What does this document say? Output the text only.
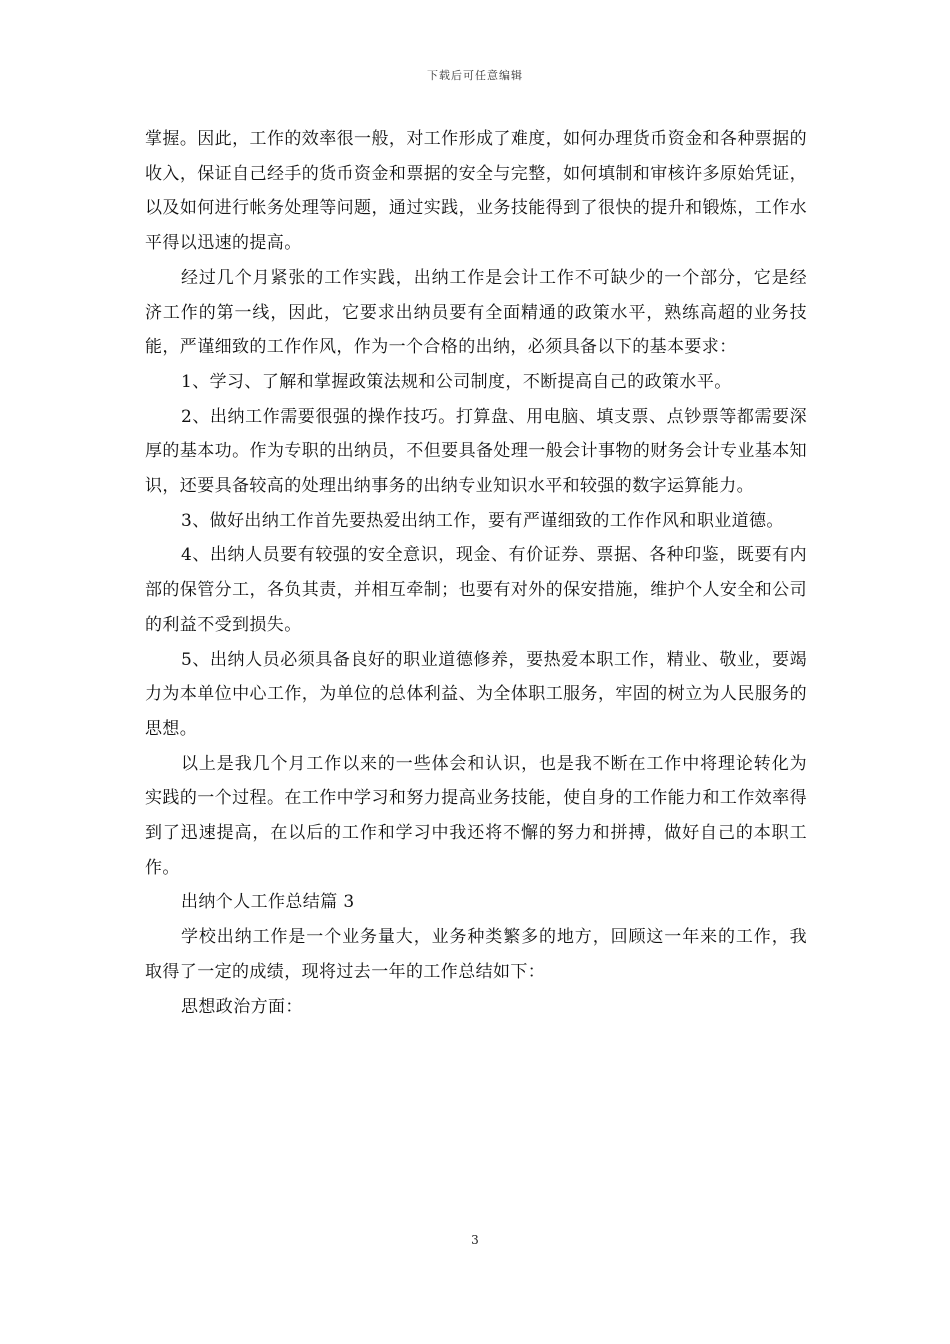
下载后可任意编辑

掌握。因此，工作的效率很一般，对工作形成了难度，如何办理货币资金和各种票据的收入，保证自己经手的货币资金和票据的安全与完整，如何填制和审核许多原始凭证，以及如何进行帐务处理等问题，通过实践，业务技能得到了很快的提升和锻炼，工作水平得以迅速的提高。

经过几个月紧张的工作实践，出纳工作是会计工作不可缺少的一个部分，它是经济工作的第一线，因此，它要求出纳员要有全面精通的政策水平，熟练高超的业务技能，严谨细致的工作作风，作为一个合格的出纳，必须具备以下的基本要求：

1、学习、了解和掌握政策法规和公司制度，不断提高自己的政策水平。

2、出纳工作需要很强的操作技巧。打算盘、用电脑、填支票、点钞票等都需要深厚的基本功。作为专职的出纳员，不但要具备处理一般会计事物的财务会计专业基本知识，还要具备较高的处理出纳事务的出纳专业知识水平和较强的数字运算能力。

3、做好出纳工作首先要热爱出纳工作，要有严谨细致的工作作风和职业道德。

4、出纳人员要有较强的安全意识，现金、有价证券、票据、各种印鉴，既要有内部的保管分工，各负其责，并相互牵制；也要有对外的保安措施，维护个人安全和公司的利益不受到损失。

5、出纳人员必须具备良好的职业道德修养，要热爱本职工作，精业、敬业，要竭力为本单位中心工作，为单位的总体利益、为全体职工服务，牢固的树立为人民服务的思想。

以上是我几个月工作以来的一些体会和认识，也是我不断在工作中将理论转化为实践的一个过程。在工作中学习和努力提高业务技能，使自身的工作能力和工作效率得到了迅速提高，在以后的工作和学习中我还将不懈的努力和拼搏，做好自己的本职工作。

出纳个人工作总结篇 3

学校出纳工作是一个业务量大，业务种类繁多的地方，回顾这一年来的工作，我取得了一定的成绩，现将过去一年的工作总结如下：

思想政治方面：

3
